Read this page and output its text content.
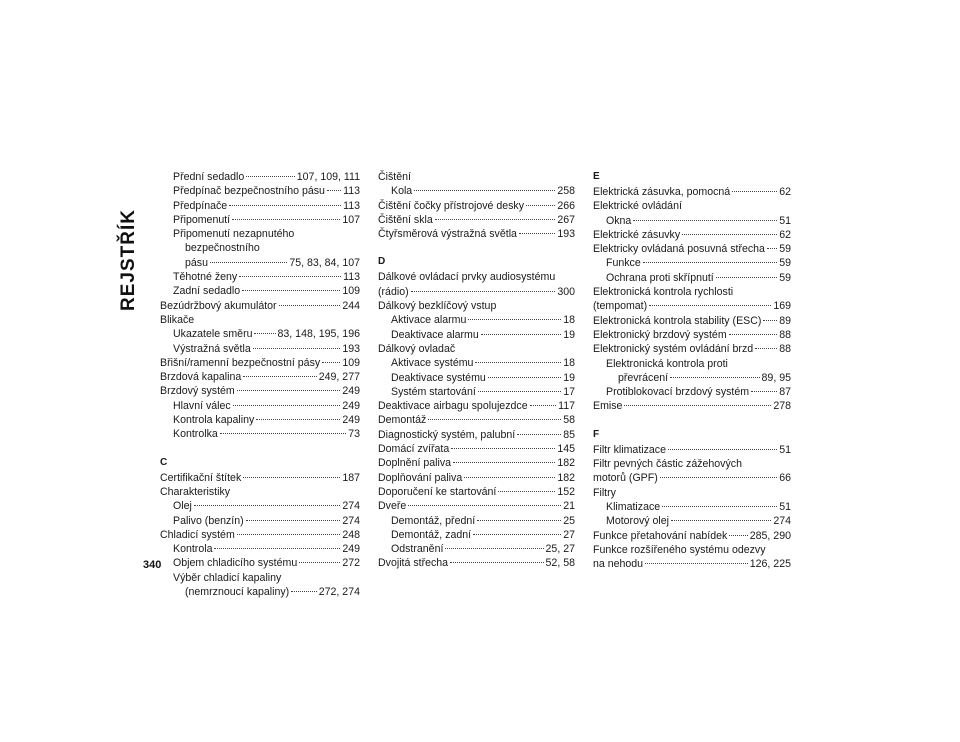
REJSTŘÍK
340
Přední sedadlo	107, 109, 111
Předpínač bezpečnostního pásu 113
Předpínače	113
Připomenutí	107
Připomenutí nezapnutého
bezpečnostního
pásu	75, 83, 84, 107
Těhotné ženy	113
Zadní sedadlo	109
Bezúdržbový akumulátor	244
Blikače
Ukazatele směru 83, 148, 195, 196
Výstražná světla	193
Břišní/ramenní bezpečnostní pásy 109
Brzdová kapalina	249, 277
Brzdový systém	249
Hlavní válec	249
Kontrola kapaliny	249
Kontrolka	73
C
Certifikační štítek	187
Charakteristiky
Olej	274
Palivo (benzín)	274
Chladicí systém	248
Kontrola	249
Objem chladicího systému	272
Výběr chladicí kapaliny
(nemrznoucí kapaliny)	272, 274
Čištění
Kola	258
Čištění čočky přístrojové desky	266
Čištění skla	267
Čtyřsměrová výstražná světla	193
D
Dálkové ovládací prvky audiosystému
(rádio)	300
Dálkový bezklíčový vstup
Aktivace alarmu	18
Deaktivace alarmu	19
Dálkový ovladač
Aktivace systému	18
Deaktivace systému	19
Systém startování	17
Deaktivace airbagu spolujezdce	117
Demontáž	58
Diagnostický systém, palubní	85
Domácí zvířata	145
Doplnění paliva	182
Doplňování paliva	182
Doporučení ke startování	152
Dveře	21
Demontáž, přední	25
Demontáž, zadní	27
Odstranění	25, 27
Dvojitá střecha	52, 58
E
Elektrická zásuvka, pomocná	62
Elektrické ovládání
Okna	51
Elektrické zásuvky	62
Elektricky ovládaná posuvná střecha 59
Funkce	59
Ochrana proti skřípnutí	59
Elektronická kontrola rychlosti
(tempomat)	169
Elektronická kontrola stability (ESC) 89
Elektronický brzdový systém	88
Elektronický systém ovládání brzd 88
Elektronická kontrola proti
převrácení	89, 95
Protiblokovací brzdový systém	87
Emise	278
F
Filtr klimatizace	51
Filtr pevných částic zážehových
motorů (GPF)	66
Filtry
Klimatizace	51
Motorový olej	274
Funkce přetahování nabídek 285, 290
Funkce rozšířeného systému odezvy
na nehodu	126, 225
